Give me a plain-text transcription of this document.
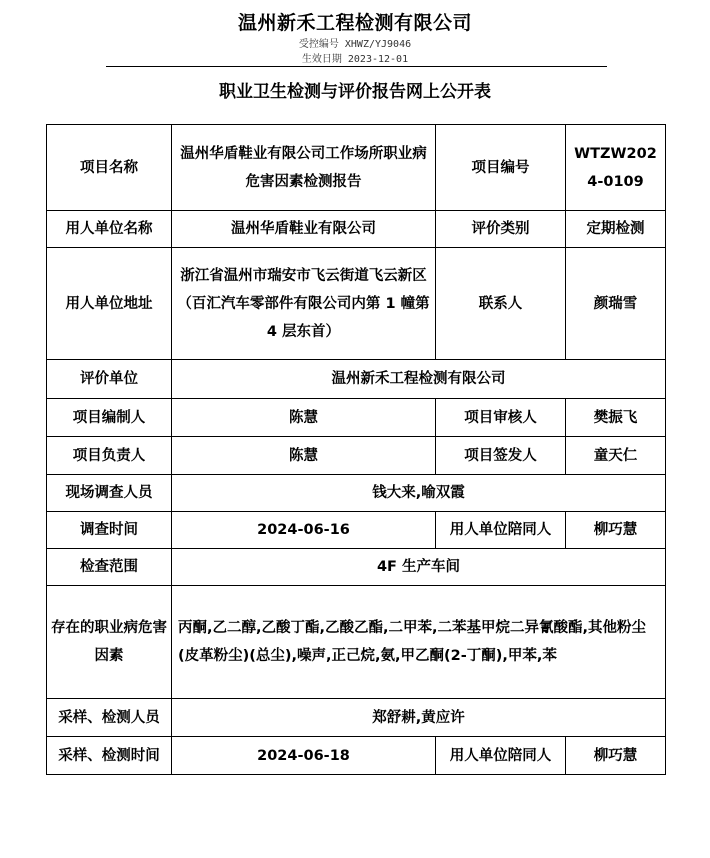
温州新禾工程检测有限公司
受控编号 XHWZ/YJ9046
生效日期 2023-12-01
职业卫生检测与评价报告网上公开表
项目名称	温州华盾鞋业有限公司工作场所职业病危害因素检测报告	项目编号	WTZW2024-0109
用人单位名称	温州华盾鞋业有限公司	评价类别	定期检测
用人单位地址	浙江省温州市瑞安市飞云街道飞云新区（百汇汽车零部件有限公司内第 1 幢第 4 层东首）	联系人	颜瑞雪
评价单位	温州新禾工程检测有限公司		
项目编制人	陈慧	项目审核人	樊振飞
项目负责人	陈慧	项目签发人	童天仁
现场调查人员	钱大来,喻双霞		
调查时间	2024-06-16	用人单位陪同人	柳巧慧
检查范围	4F 生产车间		
存在的职业病危害因素	丙酮,乙二醇,乙酸丁酯,乙酸乙酯,二甲苯,二苯基甲烷二异氰酸酯,其他粉尘(皮革粉尘)(总尘),噪声,正己烷,氨,甲乙酮(2-丁酮),甲苯,苯		
采样、检测人员	郑舒耕,黄应许		
采样、检测时间	2024-06-18	用人单位陪同人	柳巧慧
